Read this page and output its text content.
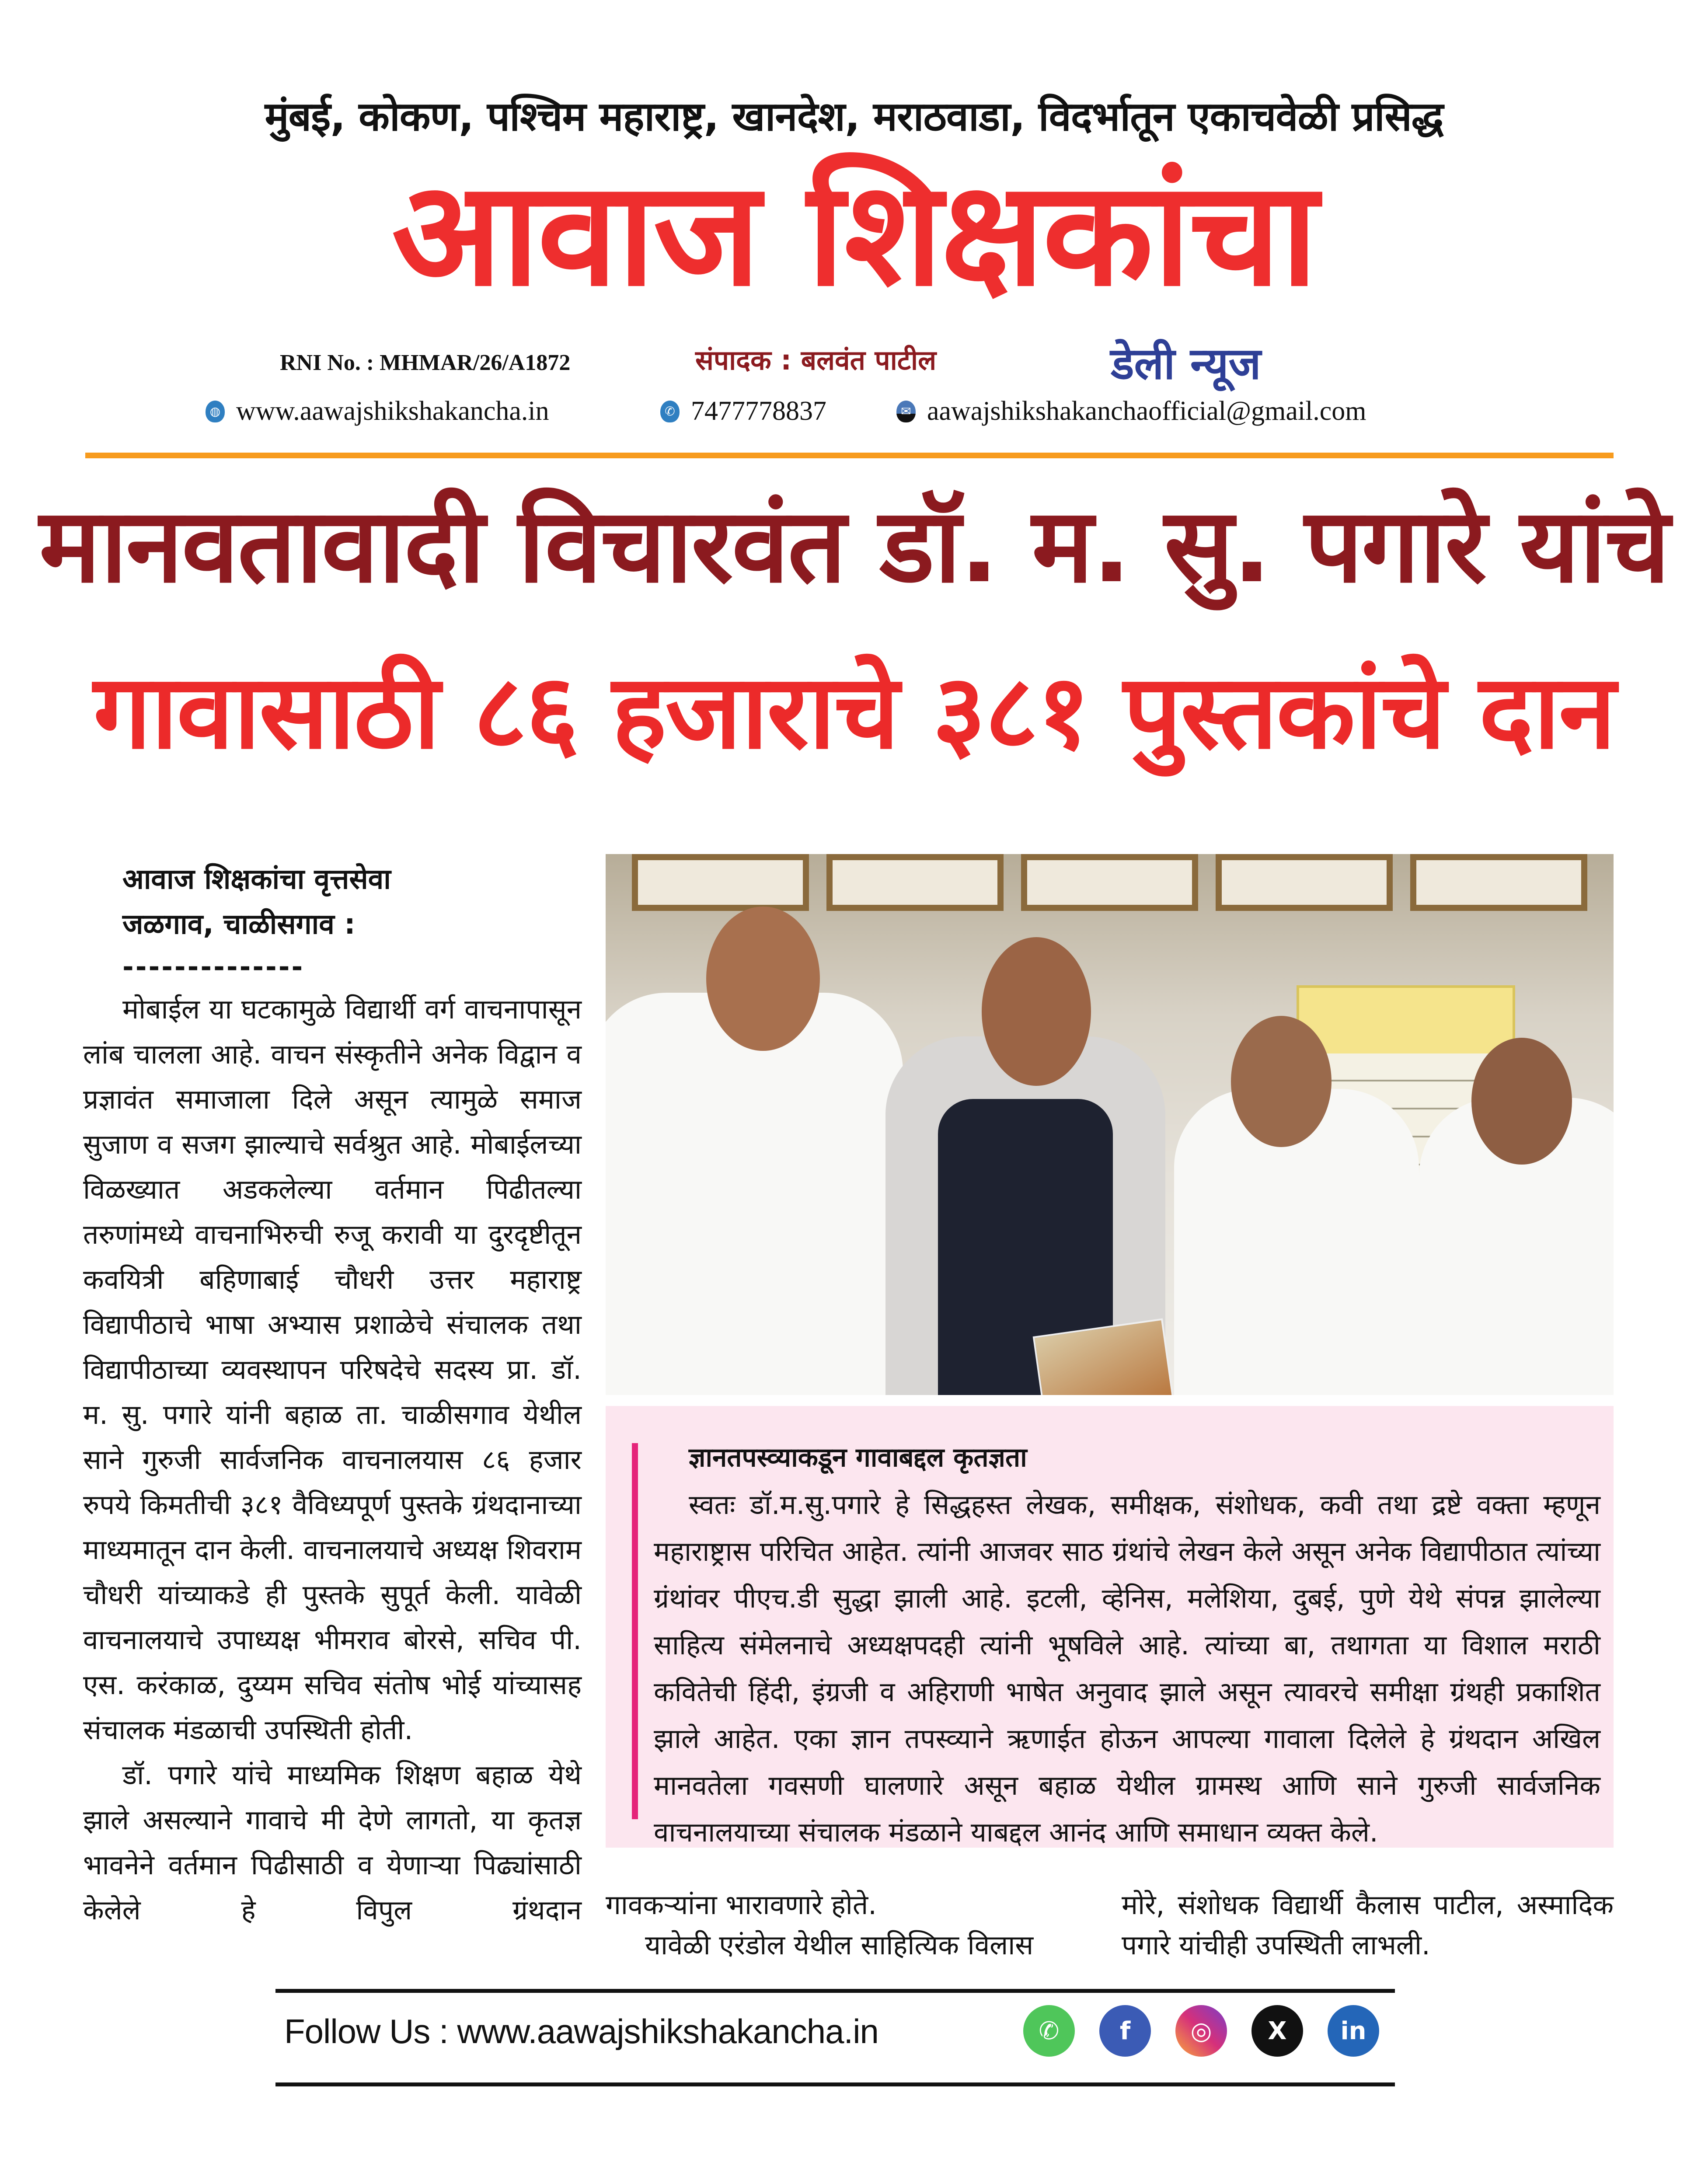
मुंबई, कोकण, पश्चिम महाराष्ट्र, खानदेश, मराठवाडा, विदर्भातून एकाचवेळी प्रसिद्ध
आवाज शिक्षकांचा
RNI No. : MHMAR/26/A1872	संपादक : बलवंत पाटील	डेली न्यूज
◍ www.aawajshikshakancha.in	✆ 7477778837	✉ aawajshikshakanchaofficial@gmail.com
मानवतावादी विचारवंत डॉ. म. सु. पगारे यांचे
गावासाठी ८६ हजाराचे ३८१ पुस्तकांचे दान
आवाज शिक्षकांचा वृत्तसेवा
जळगाव, चाळीसगाव :
--------------

मोबाईल या घटकामुळे विद्यार्थी वर्ग वाचनापासून लांब चालला आहे. वाचन संस्कृतीने अनेक विद्वान व प्रज्ञावंत समाजाला दिले असून त्यामुळे समाज सुजाण व सजग झाल्याचे सर्वश्रुत आहे. मोबाईलच्या विळख्यात अडकलेल्या वर्तमान पिढीतल्या तरुणांमध्ये वाचनाभिरुची रुजू करावी या दुरदृष्टीतून कवयित्री बहिणाबाई चौधरी उत्तर महाराष्ट्र विद्यापीठाचे भाषा अभ्यास प्रशाळेचे संचालक तथा विद्यापीठाच्या व्यवस्थापन परिषदेचे सदस्य प्रा. डॉ. म. सु. पगारे यांनी बहाळ ता. चाळीसगाव येथील साने गुरुजी सार्वजनिक वाचनालयास ८६ हजार रुपये किमतीची ३८१ वैविध्यपूर्ण पुस्तके ग्रंथदानाच्या माध्यमातून दान केली. वाचनालयाचे अध्यक्ष शिवराम चौधरी यांच्याकडे ही पुस्तके सुपूर्त केली. यावेळी वाचनालयाचे उपाध्यक्ष भीमराव बोरसे, सचिव पी. एस. करंकाळ, दुय्यम सचिव संतोष भोई यांच्यासह संचालक मंडळाची उपस्थिती होती.

डॉ. पगारे यांचे माध्यमिक शिक्षण बहाळ येथे झाले असल्याने गावाचे मी देणे लागतो, या कृतज्ञ भावनेने वर्तमान पिढीसाठी व येणाऱ्या पिढ्यांसाठी केलेले हे विपुल ग्रंथदान

ज्ञानतपस्व्याकडून गावाबद्दल कृतज्ञता

स्वतः डॉ.म.सु.पगारे हे सिद्धहस्त लेखक, समीक्षक, संशोधक, कवी तथा द्रष्टे वक्ता म्हणून महाराष्ट्रास परिचित आहेत. त्यांनी आजवर साठ ग्रंथांचे लेखन केले असून अनेक विद्यापीठात त्यांच्या ग्रंथांवर पीएच.डी सुद्धा झाली आहे. इटली, व्हेनिस, मलेशिया, दुबई, पुणे येथे संपन्न झालेल्या साहित्य संमेलनाचे अध्यक्षपदही त्यांनी भूषविले आहे. त्यांच्या बा, तथागता या विशाल मराठी कवितेची हिंदी, इंग्रजी व अहिराणी भाषेत अनुवाद झाले असून त्यावरचे समीक्षा ग्रंथही प्रकाशित झाले आहेत. एका ज्ञान तपस्व्याने ऋणाईत होऊन आपल्या गावाला दिलेले हे ग्रंथदान अखिल मानवतेला गवसणी घालणारे असून बहाळ येथील ग्रामस्थ आणि साने गुरुजी सार्वजनिक वाचनालयाच्या संचालक मंडळाने याबद्दल आनंद आणि समाधान व्यक्त केले.

गावकऱ्यांना भारावणारे होते.
यावेळी एरंडोल येथील साहित्यिक विलास

मोरे, संशोधक विद्यार्थी कैलास पाटील, अस्मादिक पगारे यांचीही उपस्थिती लाभली.

Follow Us : www.aawajshikshakancha.in	✆	f	◎	X	in
